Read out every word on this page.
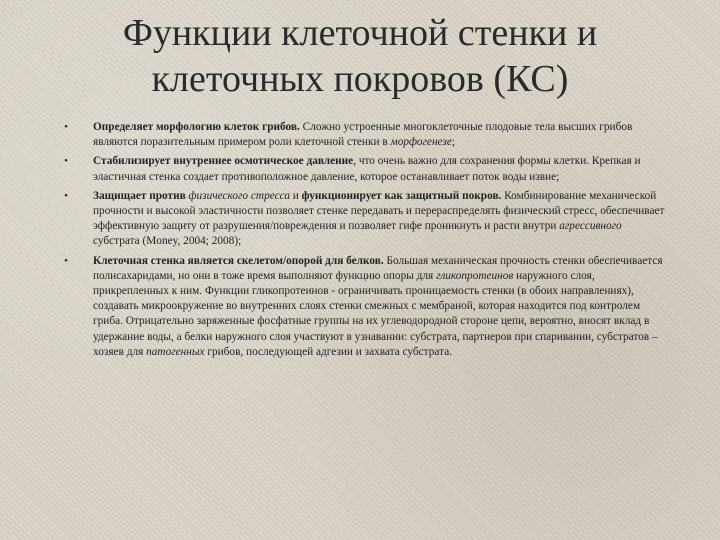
Функции клеточной стенки и
клеточных покровов (КС)
•	Определяет морфологию клеток грибов. Сложно устроенные многоклеточные плодовые тела высших грибов являются поразительным примером роли клеточной стенки в морфогенезе;
•	Стабилизирует внутреннее осмотическое давление, что очень важно для сохранения формы клетки. Крепкая и эластичная стенка создает противоположное давление, которое останавливает поток воды извне;
•	Защищает против физического стресса и функционирует как защитный покров. Комбинирование механической прочности и высокой эластичности позволяет стенке передавать и перераспределять физический стресс, обеспечивает эффективную защиту от разрушения/повреждения и позволяет гифе проникнуть и расти внутри агрессивного субстрата (Money, 2004; 2008);
•	Клеточная стенка является скелетом/опорой для белков. Большая механическая прочность стенки обеспечивается полисахаридами, но они в тоже время выполняют функцию опоры для гликопротеинов наружного слоя, прикрепленных к ним. Функции гликопротеинов - ограничивать проницаемость стенки (в обоих направлениях), создавать микроокружение во внутренних слоях стенки смежных с мембраной, которая находится под контролем гриба. Отрицательно заряженные фосфатные группы на их углеводородной стороне цепи, вероятно, вносят вклад в удержание воды, а белки наружного слоя участвуют в узнавании: субстрата, партнеров при спаривании, субстратов – хозяев для патогенных грибов, последующей адгезии и захвата субстрата.
